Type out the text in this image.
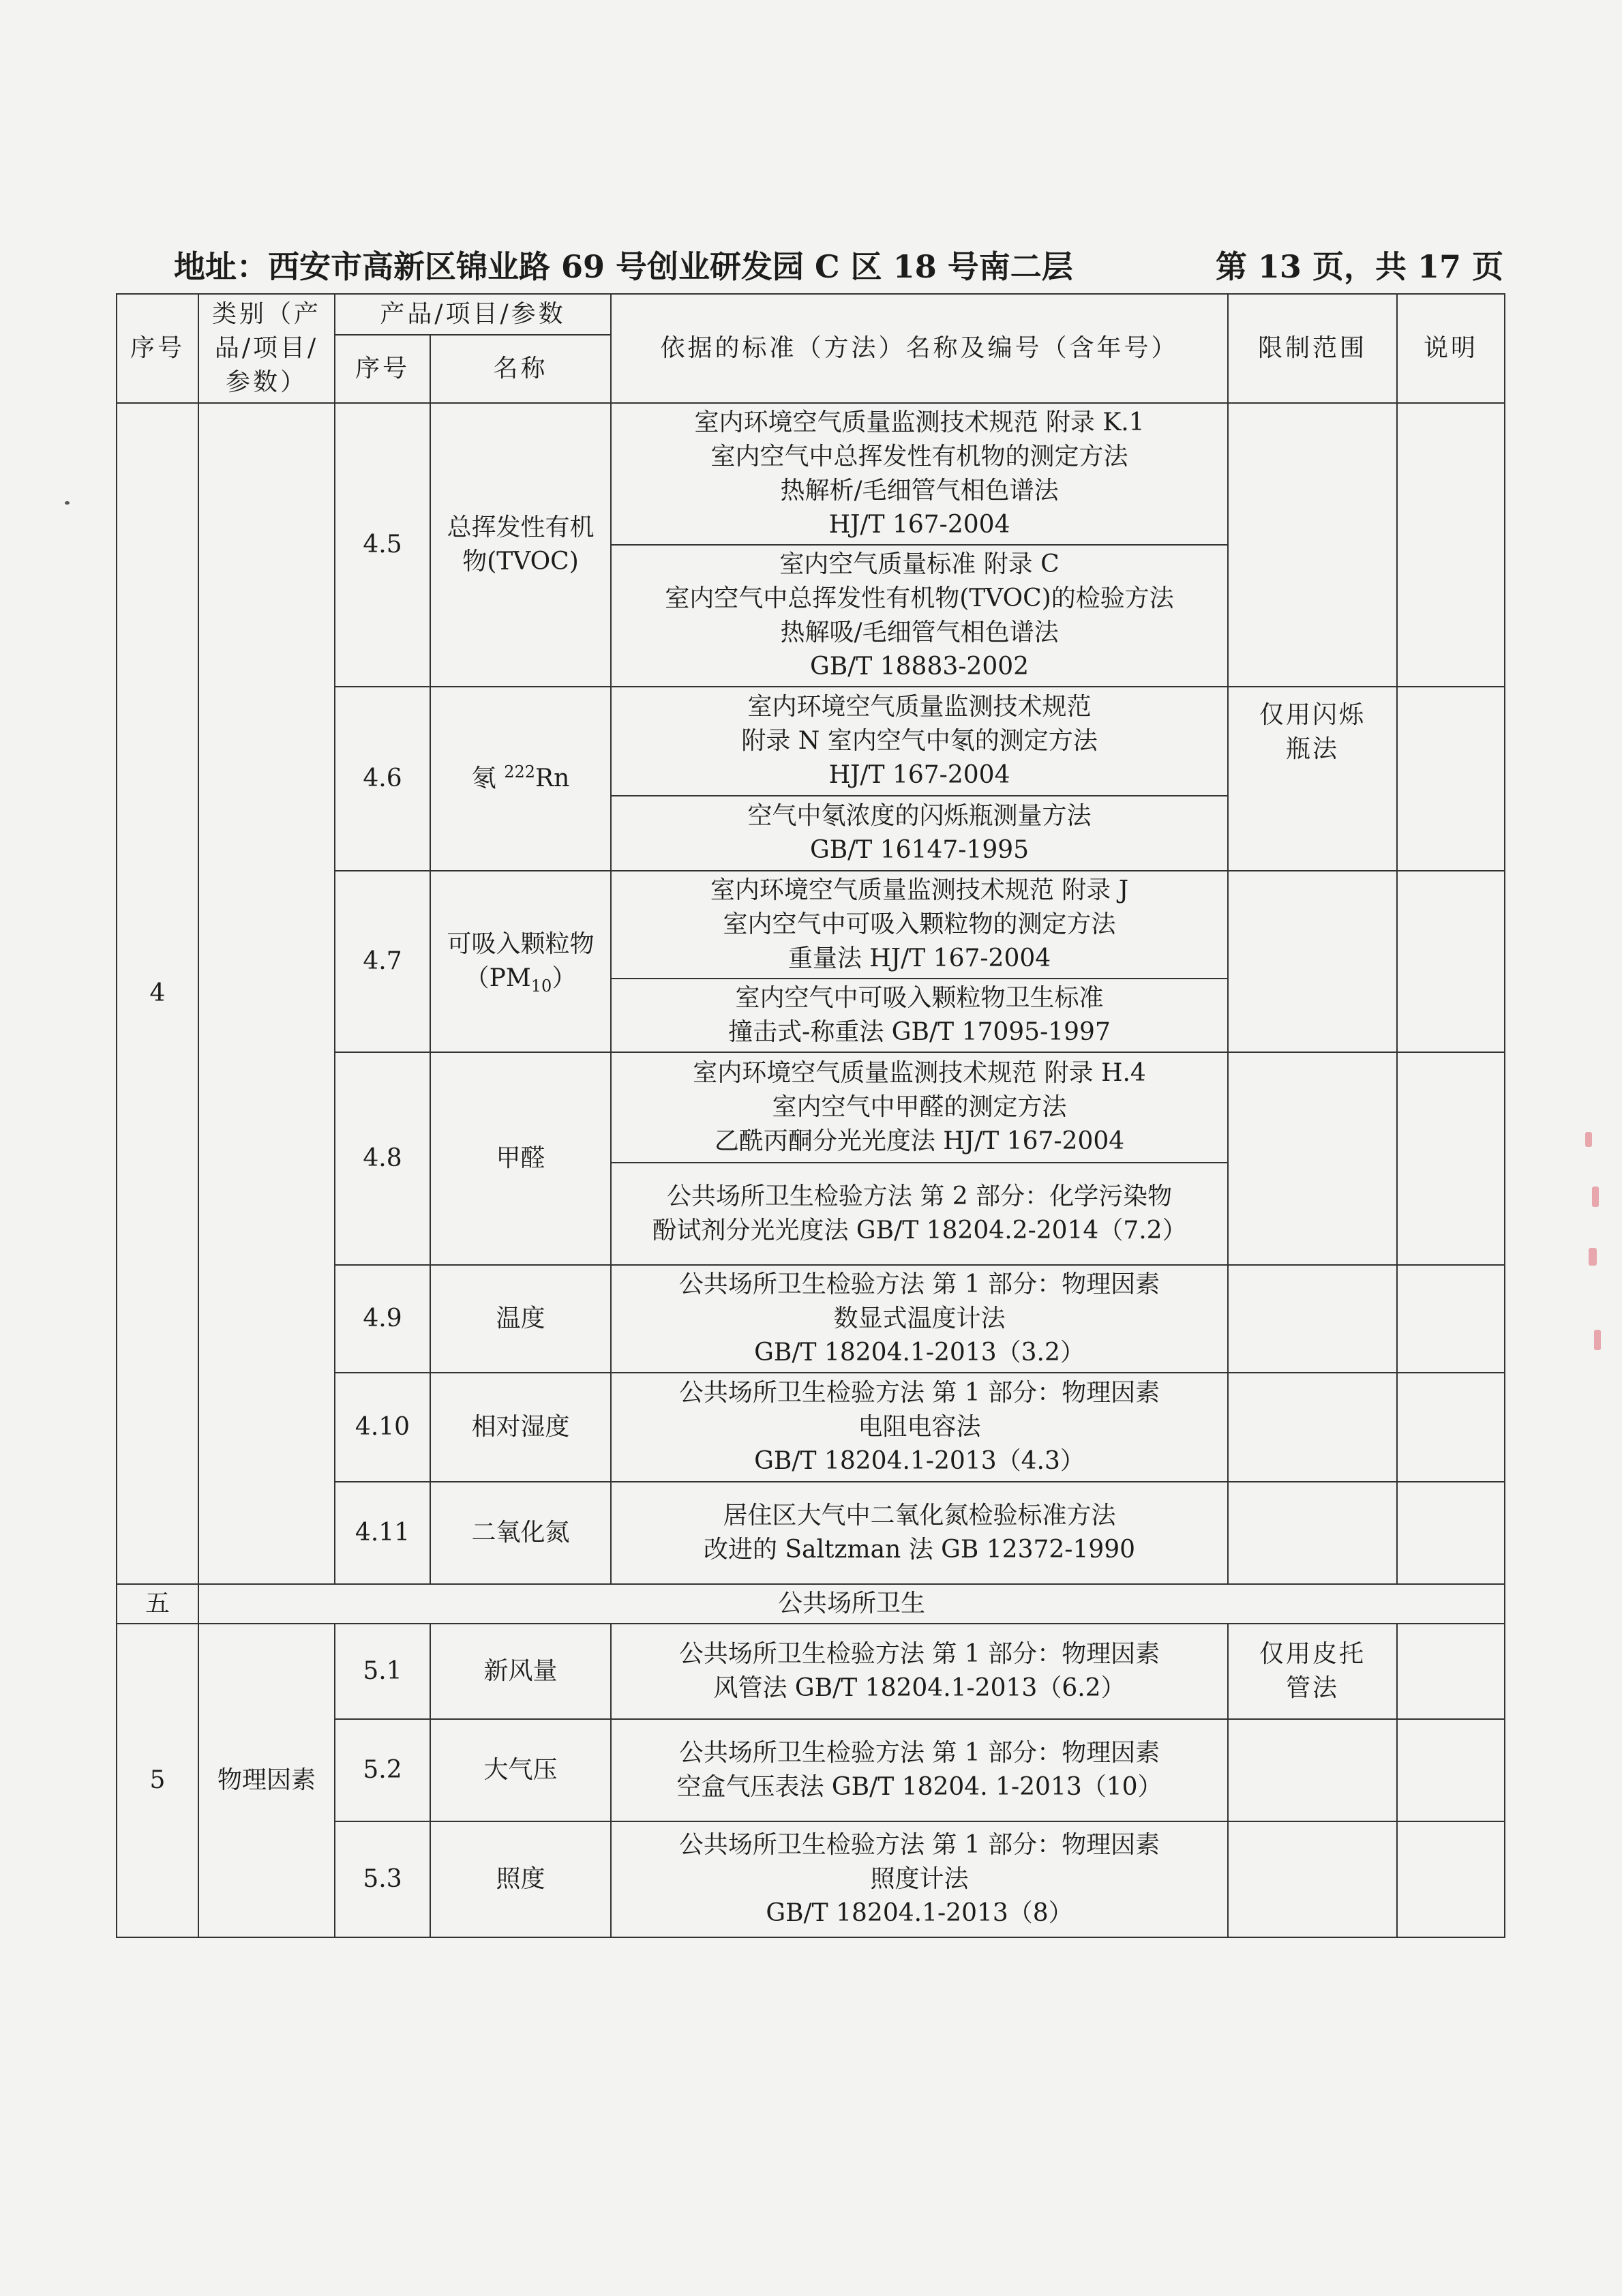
地址：西安市高新区锦业路 69 号创业研发园 C 区 18 号南二层	第 13 页，共 17 页
序号	类别（产品/项目/参数）	产品/项目/参数		依据的标准（方法）名称及编号（含年号）	限制范围	说明
		序号	名称			
4		4.5	总挥发性有机物(TVOC)	室内环境空气质量监测技术规范 附录 K.1
室内空气中总挥发性有机物的测定方法
热解析/毛细管气相色谱法
HJ/T 167-2004		
				室内空气质量标准 附录 C
室内空气中总挥发性有机物(TVOC)的检验方法
热解吸/毛细管气相色谱法
GB/T 18883-2002		
		4.6	氡 $^{222}$Rn	室内环境空气质量监测技术规范
附录 N 室内空气中氡的测定方法
HJ/T 167-2004	仅用闪烁瓶法	
				空气中氡浓度的闪烁瓶测量方法
GB/T 16147-1995		
		4.7	可吸入颗粒物
$(PM_{10})$	室内环境空气质量监测技术规范 附录 J
室内空气中可吸入颗粒物的测定方法
重量法 HJ/T 167-2004		
				室内空气中可吸入颗粒物卫生标准
撞击式-称重法 GB/T 17095-1997		
		4.8	甲醛	室内环境空气质量监测技术规范 附录 H.4
室内空气中甲醛的测定方法
乙酰丙酮分光光度法 HJ/T 167-2004		
				公共场所卫生检验方法 第 2 部分：化学污染物
酚试剂分光光度法 GB/T 18204.2-2014（7.2）		
		4.9	温度	公共场所卫生检验方法 第 1 部分：物理因素
数显式温度计法
GB/T 18204.1-2013（3.2）		
		4.10	相对湿度	公共场所卫生检验方法 第 1 部分：物理因素
电阻电容法
GB/T 18204.1-2013（4.3）		
		4.11	二氧化氮	居住区大气中二氧化氮检验标准方法
改进的 Saltzman 法 GB 12372-1990		

五	公共场所卫生					
5	物理因素	5.1	新风量	公共场所卫生检验方法 第 1 部分：物理因素
风管法 GB/T 18204.1-2013（6.2）	仅用皮托管法	
		5.2	大气压	公共场所卫生检验方法 第 1 部分：物理因素
空盒气压表法 GB/T 18204. 1-2013（10）		
		5.3	照度	公共场所卫生检验方法 第 1 部分：物理因素
照度计法
GB/T 18204.1-2013（8）		
